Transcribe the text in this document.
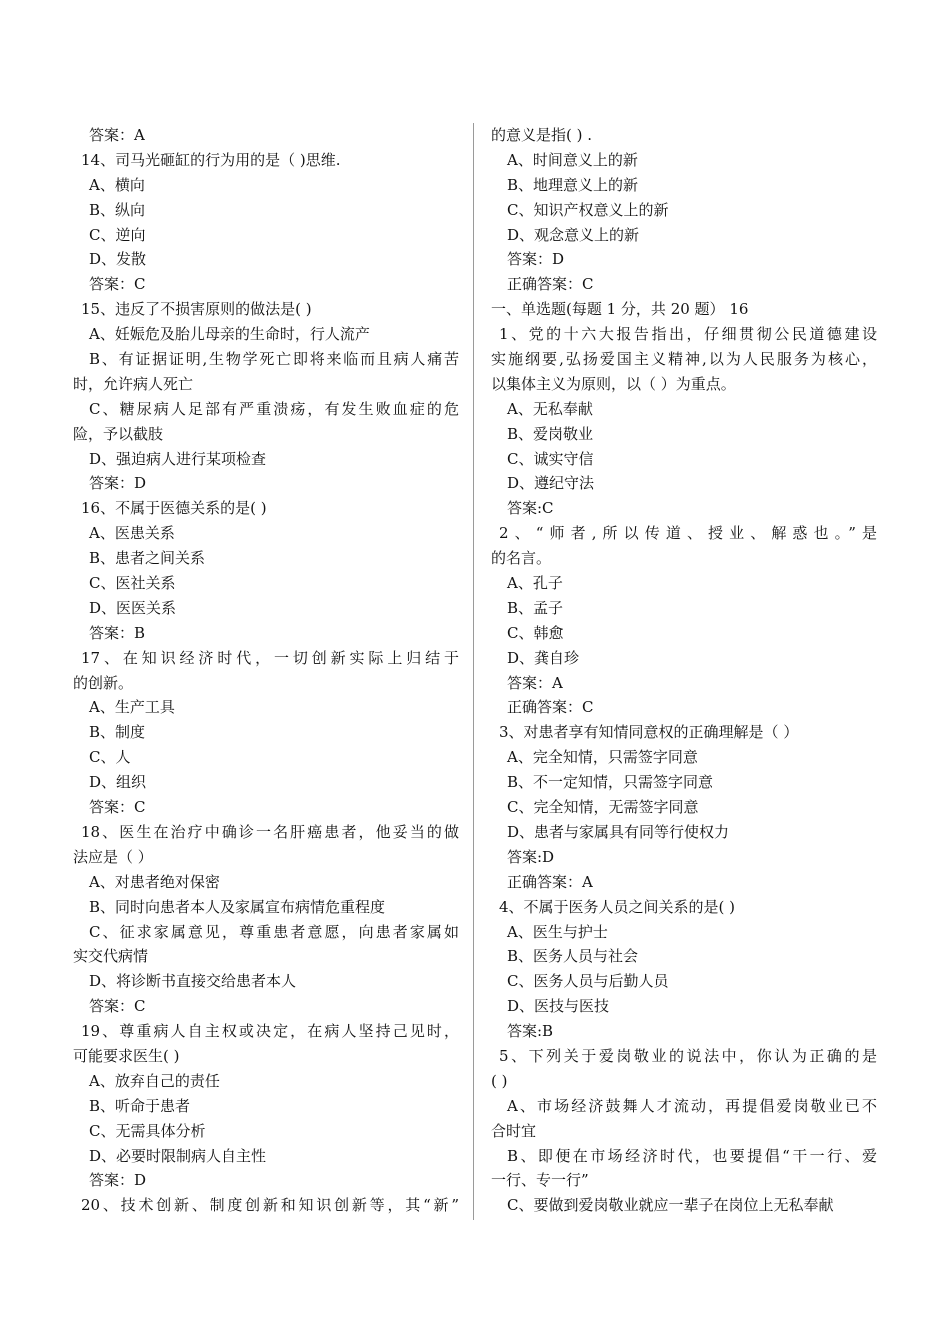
答案：A
14、司马光砸缸的行为用的是（ )思维.
A、横向
B、纵向
C、逆向
D、发散
答案：C
15、违反了不损害原则的做法是( )
A、妊娠危及胎儿母亲的生命时，行人流产
B、有证据证明,生物学死亡即将来临而且病人痛苦
时，允许病人死亡
C、糖尿病人足部有严重溃疡，有发生败血症的危
险，予以截肢
D、强迫病人进行某项检查
答案：D
16、不属于医德关系的是( )
A、医患关系
B、患者之间关系
C、医社关系
D、医医关系
答案：B
17、在知识经济时代，一切创新实际上归结于
的创新。
A、生产工具
B、制度
C、人
D、组织
答案：C
18、医生在治疗中确诊一名肝癌患者，他妥当的做
法应是（ ）
A、对患者绝对保密
B、同时向患者本人及家属宣布病情危重程度
C、征求家属意见，尊重患者意愿，向患者家属如
实交代病情
D、将诊断书直接交给患者本人
答案：C
19、尊重病人自主权或决定，在病人坚持己见时，
可能要求医生( )
A、放弃自己的责任
B、听命于患者
C、无需具体分析
D、必要时限制病人自主性
答案：D
20、技术创新、制度创新和知识创新等，其“新”
的意义是指( ) .
A、时间意义上的新
B、地理意义上的新
C、知识产权意义上的新
D、观念意义上的新
答案：D
正确答案：C
一、单选题(每题 1 分，共 20 题） 16
1、党的十六大报告指出，仔细贯彻公民道德建设
实施纲要,弘扬爱国主义精神,以为人民服务为核心，
以集体主义为原则，以（ ）为重点。
A、无私奉献
B、爱岗敬业
C、诚实守信
D、遵纪守法
答案:C
2、“师者,所以传道、授业、解惑也。”是
的名言。
A、孔子
B、孟子
C、韩愈
D、龚自珍
答案：A
正确答案：C
3、对患者享有知情同意权的正确理解是（ ）
A、完全知情，只需签字同意
B、不一定知情，只需签字同意
C、完全知情，无需签字同意
D、患者与家属具有同等行使权力
答案:D
正确答案：A
4、不属于医务人员之间关系的是( )
A、医生与护士
B、医务人员与社会
C、医务人员与后勤人员
D、医技与医技
答案:B
5、下列关于爱岗敬业的说法中，你认为正确的是
( )
A、市场经济鼓舞人才流动，再提倡爱岗敬业已不
合时宜
B、即便在市场经济时代，也要提倡“干一行、爱
一行、专一行”
C、要做到爱岗敬业就应一辈子在岗位上无私奉献
